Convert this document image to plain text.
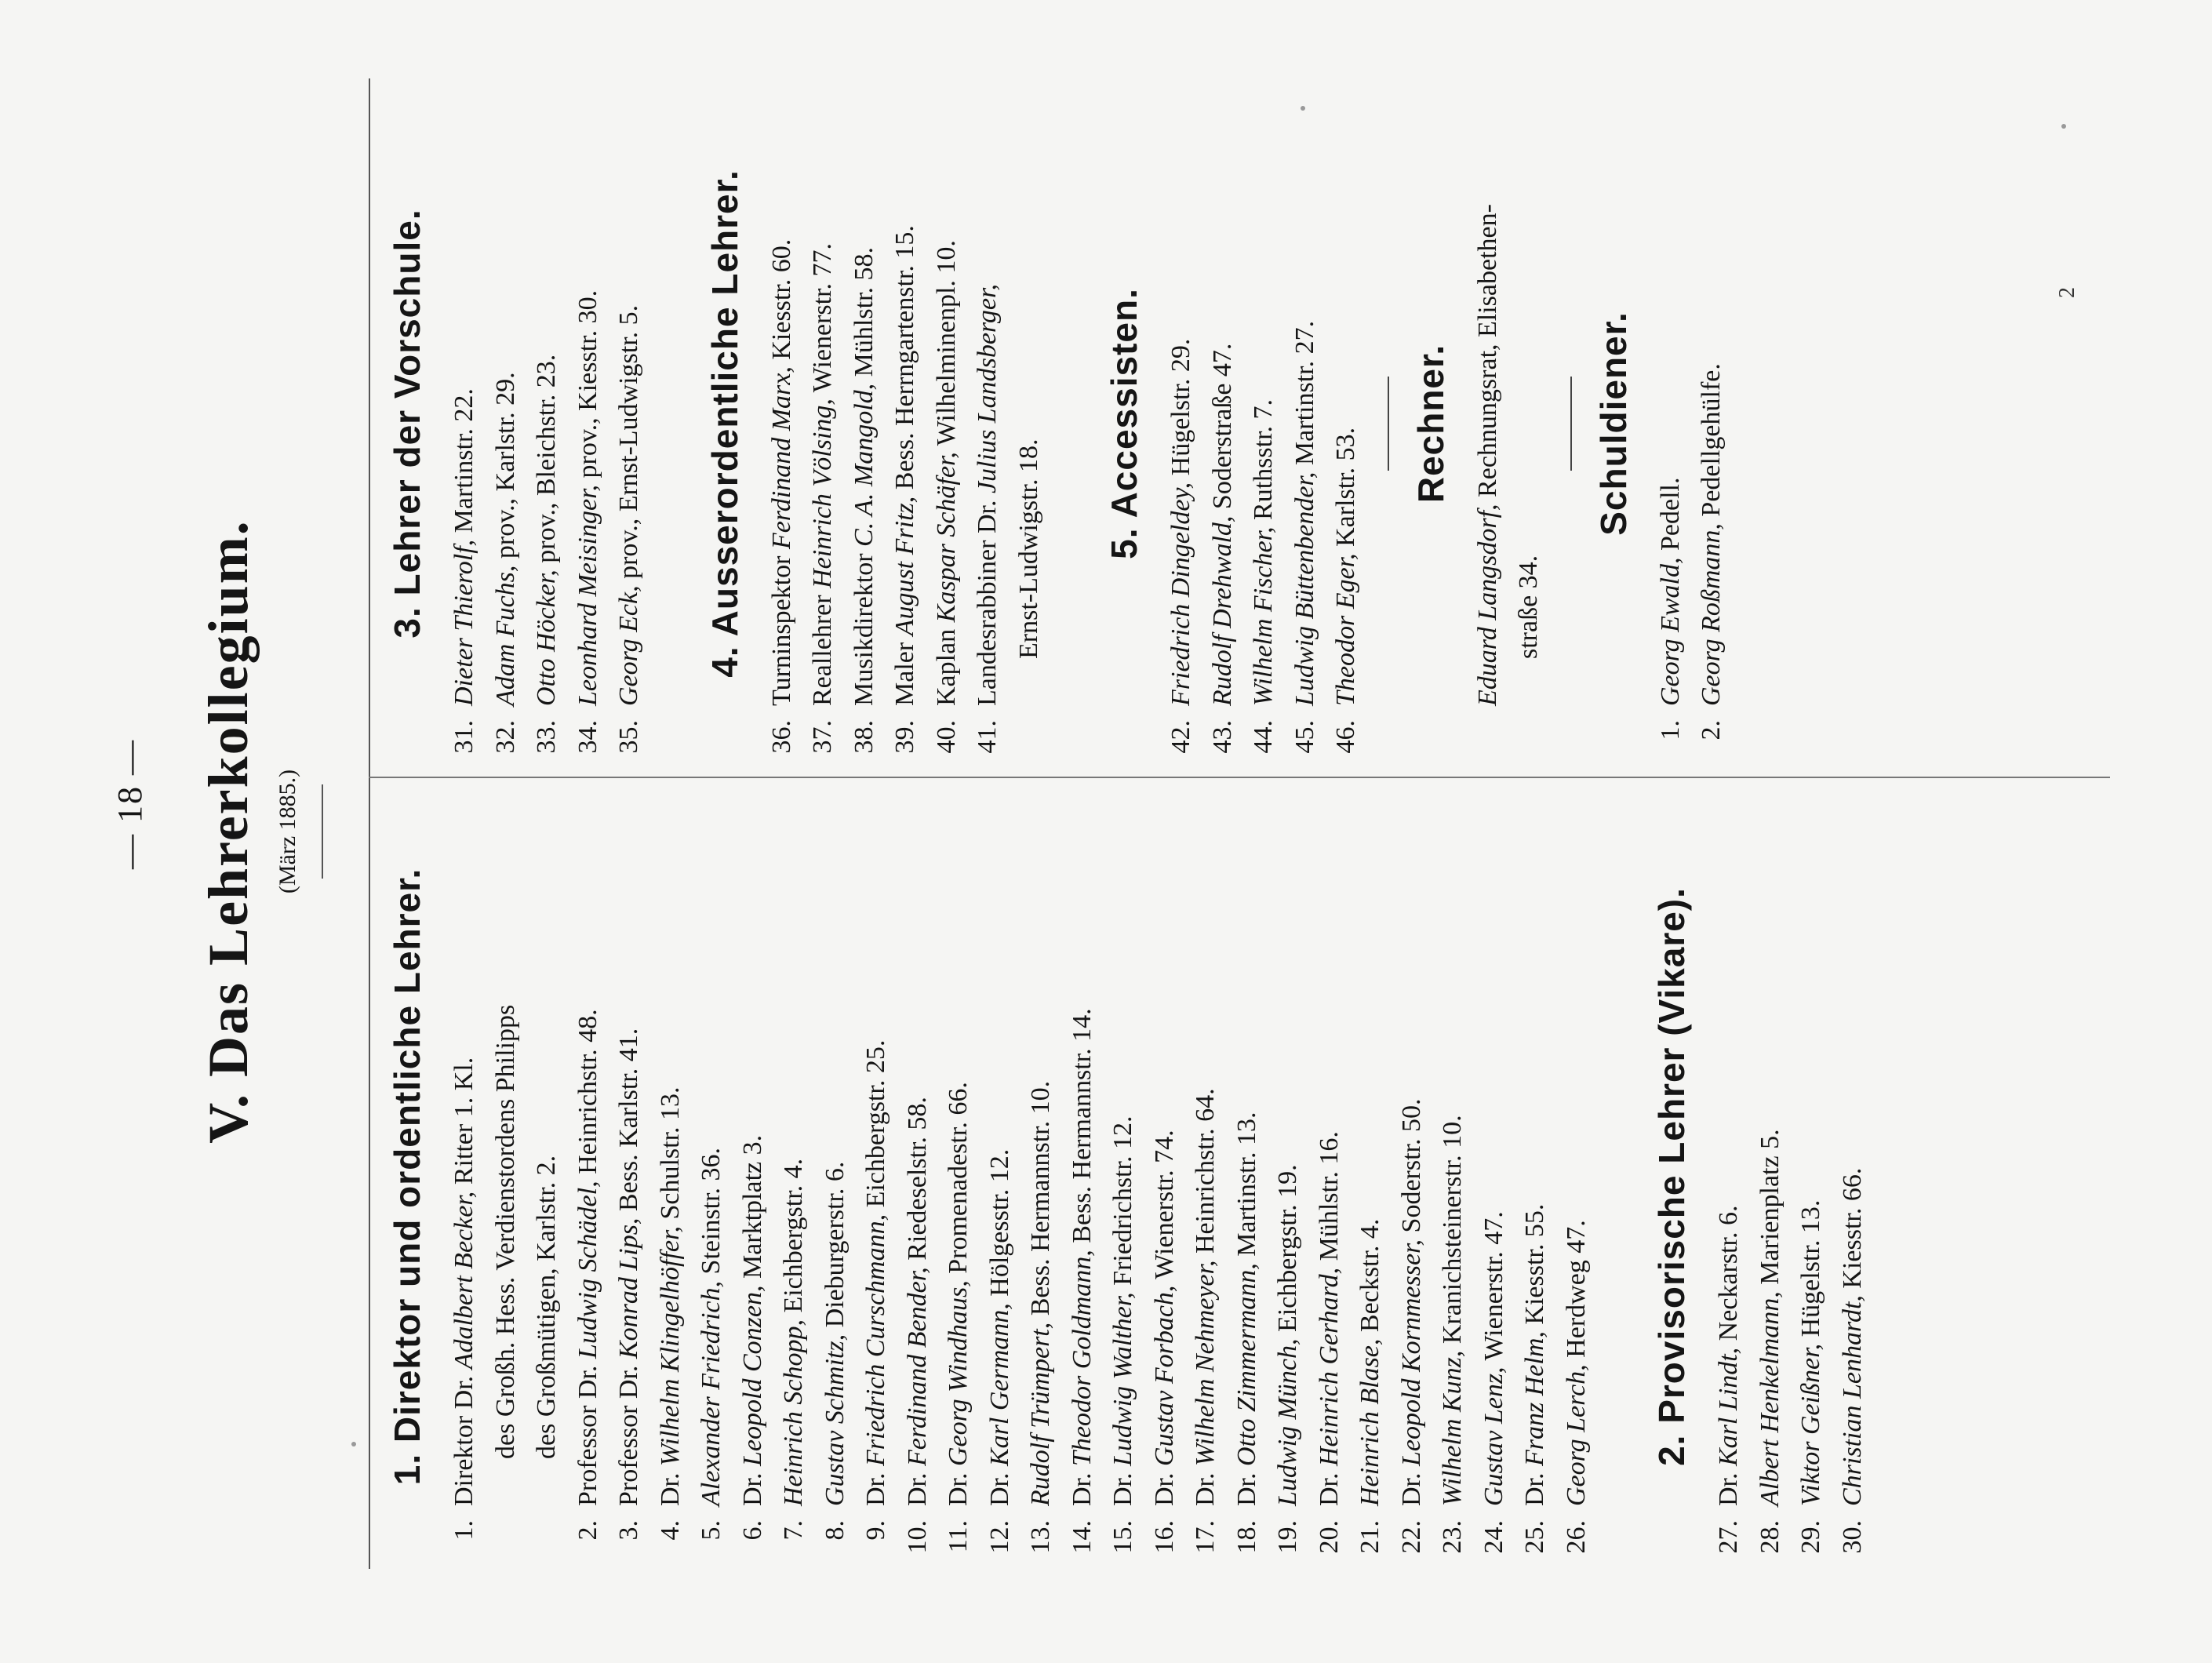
— 18 — V. Das Lehrerkollegium. (März 1885.)
1. Direktor und ordentliche Lehrer.
1.
Direktor Dr. Adalbert Becker, Ritter 1. Kl. des Großh. Hess. Verdienstordens Philipps des Großmütigen, Karlstr. 2.
2.
Professor Dr. Ludwig Schädel, Heinrichstr. 48.
3.
Professor Dr. Konrad Lips, Bess. Karlstr. 41.
4.
Dr. Wilhelm Klingelhöffer, Schulstr. 13.
5.
Alexander Friedrich, Steinstr. 36.
6.
Dr. Leopold Conzen, Marktplatz 3.
7.
Heinrich Schopp, Eichbergstr. 4.
8.
Gustav Schmitz, Dieburgerstr. 6.
9.
Dr. Friedrich Curschmann, Eichbergstr. 25.
10.
Dr. Ferdinand Bender, Riedeselstr. 58.
11.
Dr. Georg Windhaus, Promenadestr. 66.
12.
Dr. Karl Germann, Hölgesstr. 12.
13.
Rudolf Trümpert, Bess. Hermannstr. 10.
14.
Dr. Theodor Goldmann, Bess. Hermannstr. 14.
15.
Dr. Ludwig Walther, Friedrichstr. 12.
16.
Dr. Gustav Forbach, Wienerstr. 74.
17.
Dr. Wilhelm Nehmeyer, Heinrichstr. 64.
18.
Dr. Otto Zimmermann, Martinstr. 13.
19.
Ludwig Münch, Eichbergstr. 19.
20.
Dr. Heinrich Gerhard, Mühlstr. 16.
21.
Heinrich Blase, Beckstr. 4.
22.
Dr. Leopold Kornmesser, Soderstr. 50.
23.
Wilhelm Kunz, Kranichsteinerstr. 10.
24.
Gustav Lenz, Wienerstr. 47.
25.
Dr. Franz Helm, Kiesstr. 55.
26.
Georg Lerch, Herdweg 47. 2. Provisorische Lehrer (Vikare).
27.
Dr. Karl Lindt, Neckarstr. 6.
28.
Albert Henkelmann, Marienplatz 5.
29.
Viktor Geißner, Hügelstr. 13.
30.
Christian Lenhardt, Kiesstr. 66.
3. Lehrer der Vorschule.
31.
Dieter Thierolf, Martinstr. 22.
32.
Adam Fuchs, prov., Karlstr. 29.
33.
Otto Höcker, prov., Bleichstr. 23.
34.
Leonhard Meisinger, prov., Kiesstr. 30.
35.
Georg Eck, prov., Ernst-Ludwigstr. 5. 4. Ausserordentliche Lehrer.
36.
Turninspektor Ferdinand Marx, Kiesstr. 60.
37.
Reallehrer Heinrich Völsing, Wienerstr. 77.
38.
Musikdirektor C. A. Mangold, Mühlstr. 58.
39.
Maler August Fritz, Bess. Herrngartenstr. 15.
40.
Kaplan Kaspar Schäfer, Wilhelminenpl. 10.
41.
Landesrabbiner Dr. Julius Landsberger,
Ernst-Ludwigstr. 18. 5. Accessisten.
42.
Friedrich Dingeldey, Hügelstr. 29.
43.
Rudolf Drehwald, Soderstraße 47.
44.
Wilhelm Fischer, Ruthsstr. 7.
45.
Ludwig Büttenbender, Martinstr. 27.
46.
Theodor Eger, Karlstr. 53. Rechner.
Eduard Langsdorf, Rechnungsrat, Elisabethen-
straße 34.
Schuldiener.
1.
Georg Ewald, Pedell.
2.
Georg Roßmann, Pedellgehülfe.
2
